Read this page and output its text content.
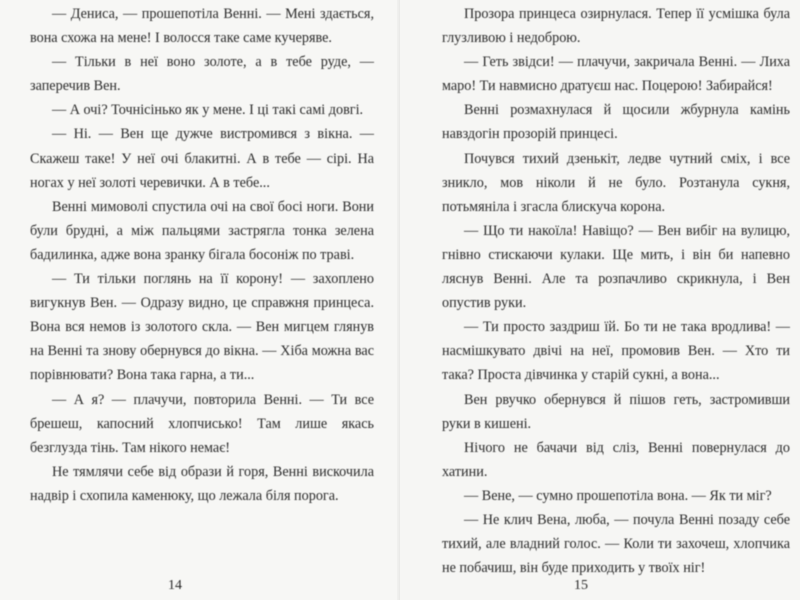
— Дениса, — прошепотіла Венні. — Мені здається, вона схожа на мене! І волосся таке саме кучеряве.

— Тільки в неї воно золоте, а в тебе руде, — заперечив Вен.

— А очі? Точнісінько як у мене. І ці такі самі довгі.

— Ні. — Вен ще дужче вистромився з вікна. — Скажеш таке! У неї очі блакитні. А в тебе — сірі. На ногах у неї золоті черевички. А в тебе...

Венні мимоволі спустила очі на свої босі ноги. Вони були брудні, а між пальцями застрягла тонка зелена бадилинка, адже вона зранку бігала босоніж по траві.

— Ти тільки поглянь на її корону! — захоплено вигукнув Вен. — Одразу видно, це справжня принцеса. Вона вся немов із золотого скла. — Вен мигцем глянув на Венні та знову обернувся до вікна. — Хіба можна вас порівнювати? Вона така гарна, а ти...

— А я? — плачучи, повторила Венні. — Ти все брешеш, капосний хлопчисько! Там лише якась безглузда тінь. Там нікого немає!

Не тямлячи себе від образи й горя, Венні вискочила надвір і схопила каменюку, що лежала біля порога.

14

Прозора принцеса озирнулася. Тепер її усмішка була глузливою і недоброю.

— Геть звідси! — плачучи, закричала Венні. — Лиха маро! Ти навмисно дратуєш нас. Поцерою! Забирайся!

Венні розмахнулася й щосили жбурнула камінь навздогін прозорій принцесі.

Почувся тихий дзенькіт, ледве чутний сміх, і все зникло, мов ніколи й не було. Розтанула сукня, потьмяніла і згасла блискуча корона.

— Що ти накоїла! Навіщо? — Вен вибіг на вулицю, гнівно стискаючи кулаки. Ще мить, і він би напевно ляснув Венні. Але та розпачливо скрикнула, і Вен опустив руки.

— Ти просто заздриш їй. Бо ти не така вродлива! — насмішкувато двічі на неї, промовив Вен. — Хто ти така? Проста дівчинка у старій сукні, а вона...

Вен рвучко обернувся й пішов геть, застромивши руки в кишені.

Нічого не бачачи від сліз, Венні повернулася до хатини.

— Вене, — сумно прошепотіла вона. — Як ти міг?

— Не клич Вена, люба, — почула Венні позаду себе тихий, але владний голос. — Коли ти захочеш, хлопчика не побачиш, він буде приходить у твоїх ніг!

15
